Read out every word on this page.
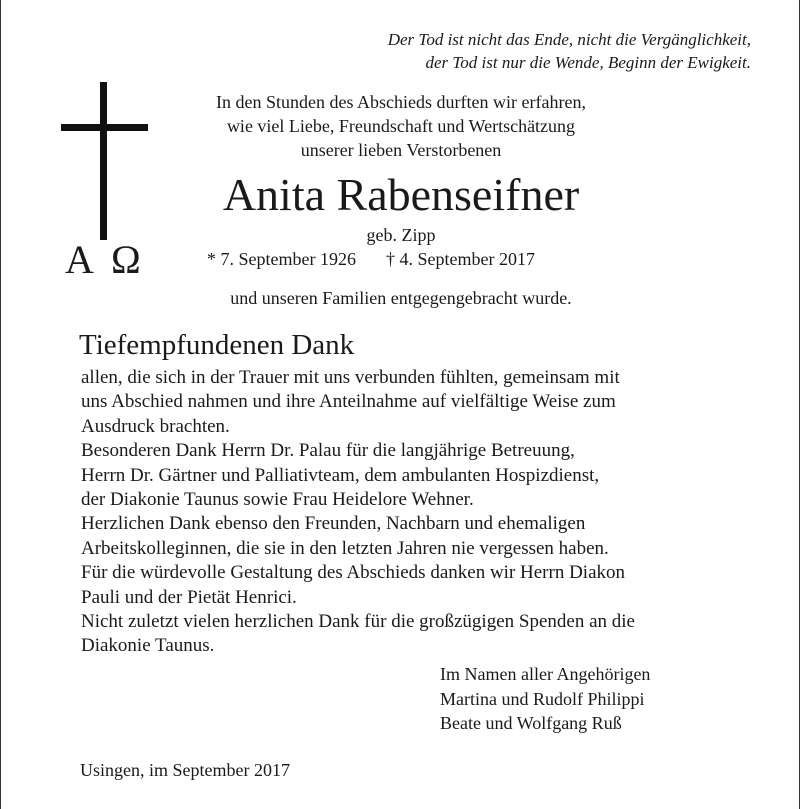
Der Tod ist nicht das Ende, nicht die Vergänglichkeit,
der Tod ist nur die Wende, Beginn der Ewigkeit.
A Ω
In den Stunden des Abschieds durften wir erfahren,
wie viel Liebe, Freundschaft und Wertschätzung
unserer lieben Verstorbenen
Anita Rabenseifner
geb. Zipp
* 7. September 1926 † 4. September 2017
und unseren Familien entgegengebracht wurde.
Tiefempfundenen Dank
allen, die sich in der Trauer mit uns verbunden fühlten, gemeinsam mit
uns Abschied nahmen und ihre Anteilnahme auf vielfältige Weise zum
Ausdruck brachten.
Besonderen Dank Herrn Dr. Palau für die langjährige Betreuung,
Herrn Dr. Gärtner und Palliativteam, dem ambulanten Hospizdienst,
der Diakonie Taunus sowie Frau Heidelore Wehner.
Herzlichen Dank ebenso den Freunden, Nachbarn und ehemaligen
Arbeitskolleginnen, die sie in den letzten Jahren nie vergessen haben.
Für die würdevolle Gestaltung des Abschieds danken wir Herrn Diakon
Pauli und der Pietät Henrici.
Nicht zuletzt vielen herzlichen Dank für die großzügigen Spenden an die
Diakonie Taunus.
Im Namen aller Angehörigen
Martina und Rudolf Philippi
Beate und Wolfgang Ruß
Usingen, im September 2017
